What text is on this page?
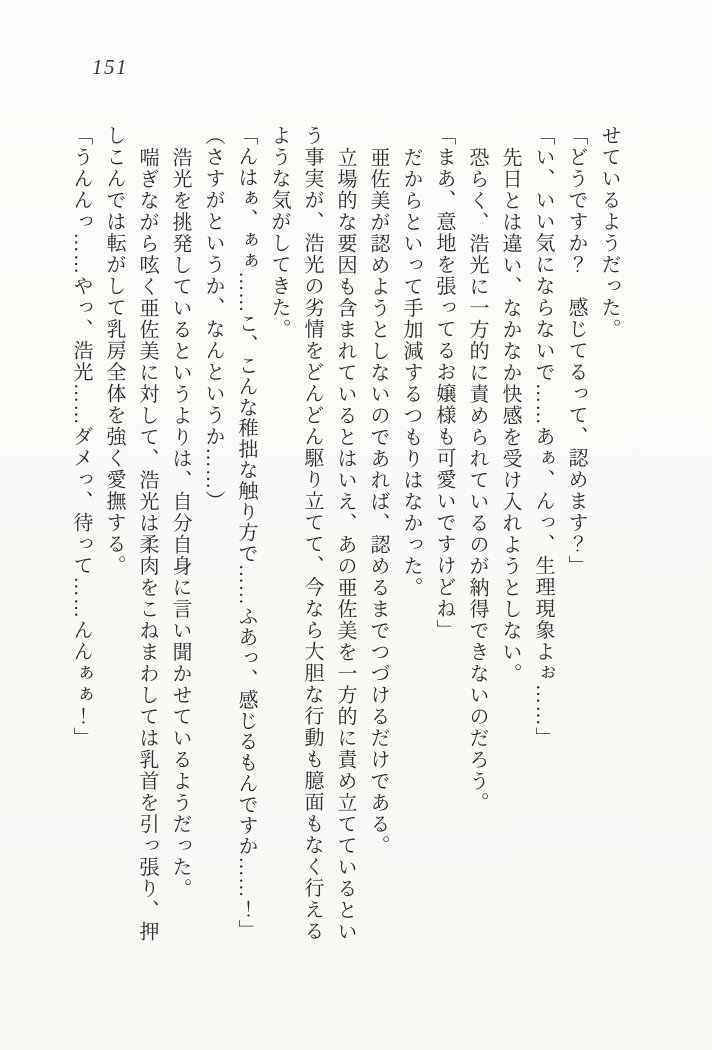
151

せているようだった。

「どうですか？　感じてるって、認めます？」

「い、いい気にならないで……あぁ、んっ、生理現象よぉ……」

先日とは違い、なかなか快感を受け入れようとしない。

恐らく、浩光に一方的に責められているのが納得できないのだろう。

「まあ、意地を張ってるお嬢様も可愛いですけどね」

だからといって手加減するつもりはなかった。

亜佐美が認めようとしないのであれば、認めるまでつづけるだけである。

立場的な要因も含まれているとはいえ、あの亜佐美を一方的に責め立てているという事実が、浩光の劣情をどんどん駆り立てて、今なら大胆な行動も臆面もなく行えるような気がしてきた。

「んはぁ、ぁぁ……こ、こんな稚拙な触り方で……ふあっ、感じるもんですか……！」

（さすがというか、なんというか……）

浩光を挑発しているというよりは、自分自身に言い聞かせているようだった。

喘ぎながら呟く亜佐美に対して、浩光は柔肉をこねまわしては乳首を引っ張り、押しこんでは転がして乳房全体を強く愛撫する。

「うんんっ……やっ、浩光……ダメっ、待って……んんぁぁ！」
